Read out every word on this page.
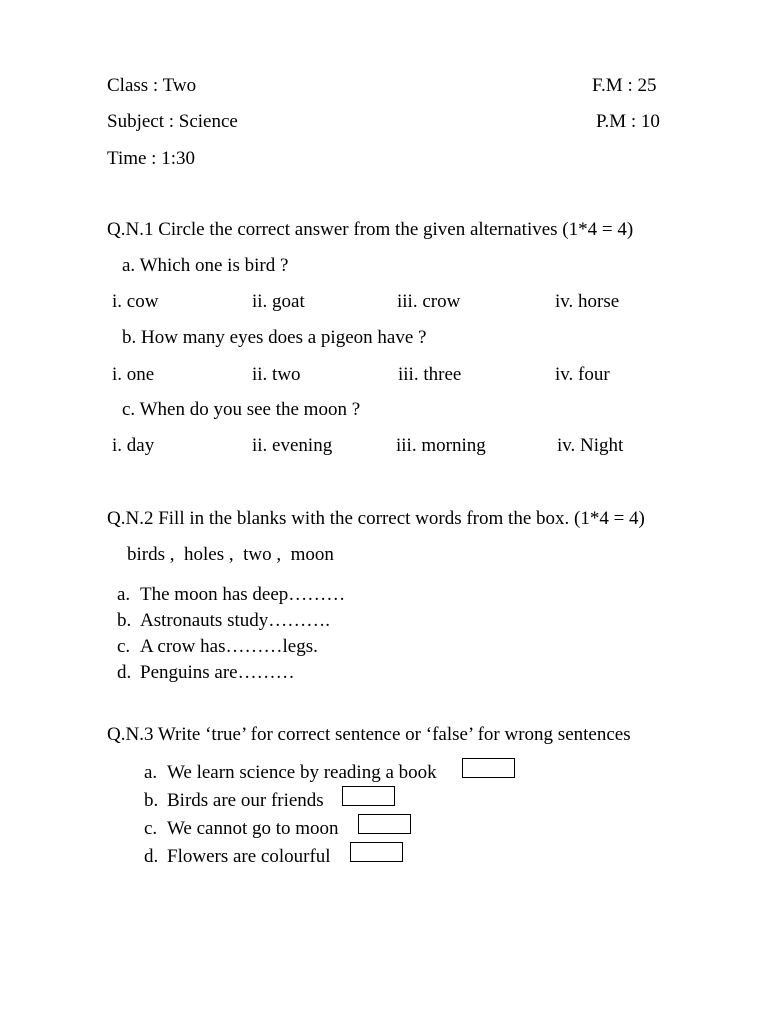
Class : Two
Subject : Science
Time : 1:30
F.M : 25
P.M : 10
Q.N.1 Circle the correct answer from the given alternatives (1*4 = 4)
a. Which one is bird ?
i. cow	ii. goat	iii. crow	iv. horse
b. How many eyes does a pigeon have ?
i. one	ii. two	iii. three	iv. four
c. When do you see the moon ?
i. day	ii. evening	iii. morning	iv. Night
Q.N.2 Fill in the blanks with the correct words from the box. (1*4 = 4)
birds ,  holes ,  two ,  moon
a. The moon has deep………
b. Astronauts study……….
c. A crow has………legs.
d. Penguins are………
Q.N.3 Write ‘true’ for correct sentence or ‘false’ for wrong sentences
a. We learn science by reading a book
b. Birds are our friends
c. We cannot go to moon
d. Flowers are colourful
